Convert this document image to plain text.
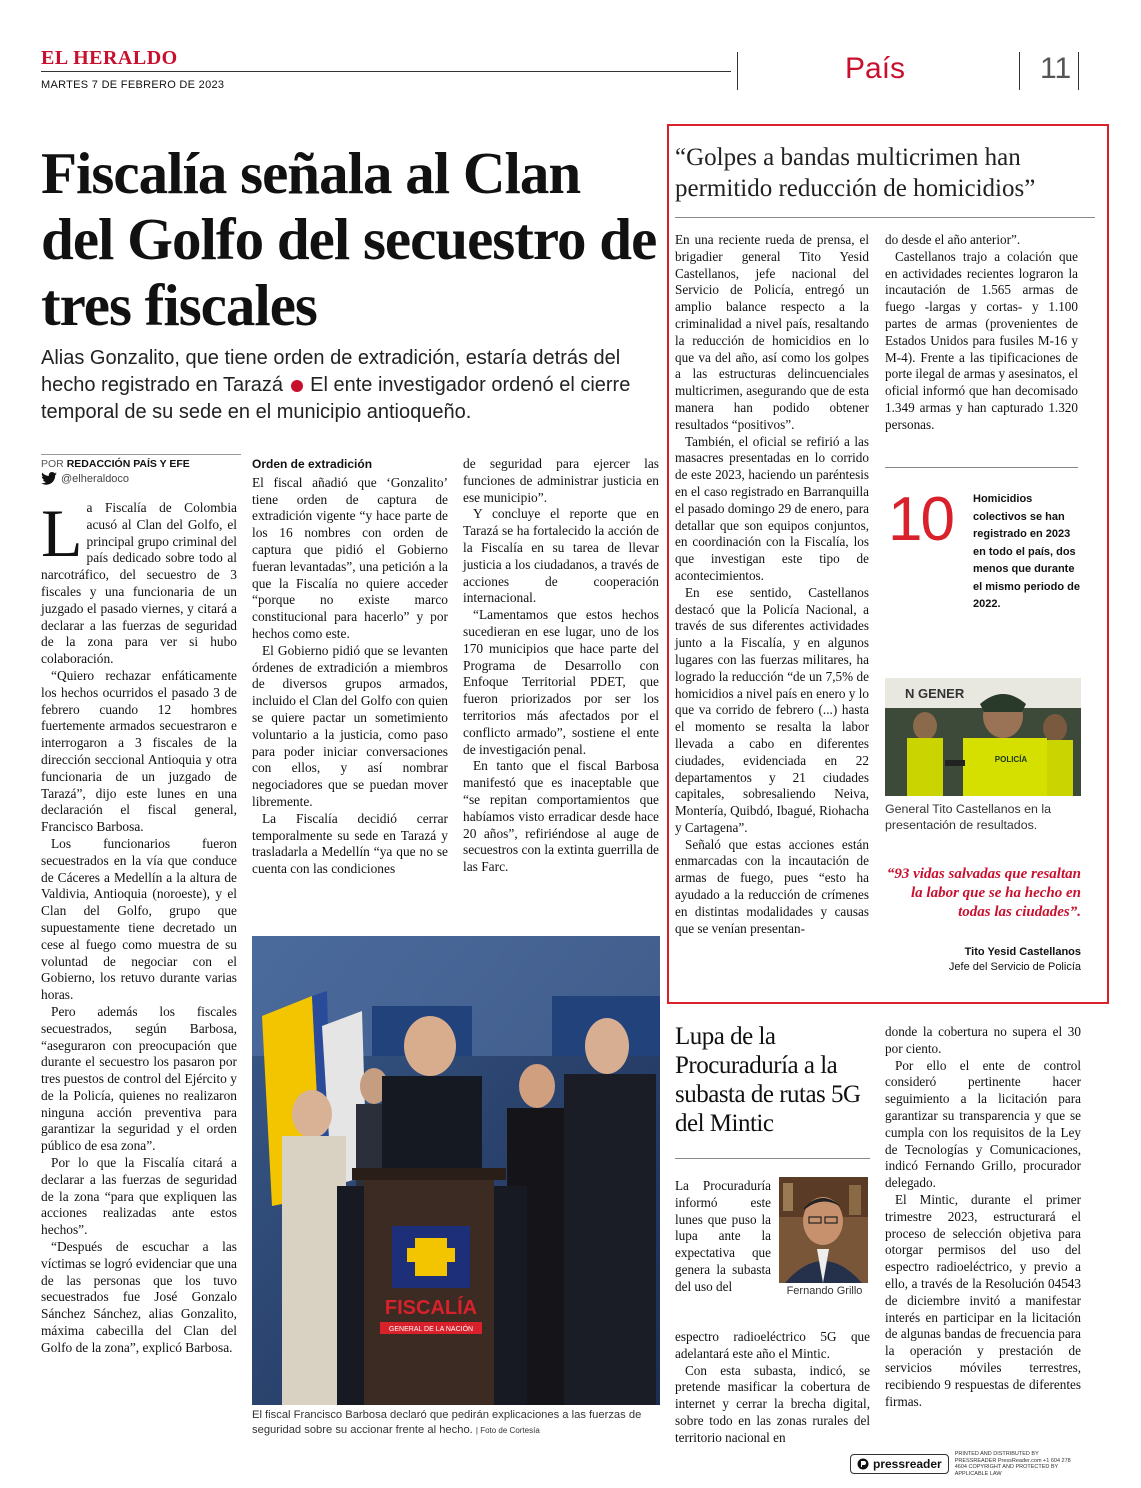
EL HERALDO
MARTES 7 DE FEBRERO DE 2023	País	11
Fiscalía señala al Clan del Golfo del secuestro de tres fiscales
Alias Gonzalito, que tiene orden de extradición, estaría detrás del hecho registrado en Tarazá El ente investigador ordenó el cierre temporal de su sede en el municipio antioqueño.
POR REDACCIÓN PAÍS Y EFE
@elheraldoco
L a Fiscalía de Colombia acusó al Clan del Golfo, el principal grupo criminal del país dedicado sobre todo al narcotráfico, del secuestro de 3 fiscales y una funcionaria de un juzgado el pasado viernes, y citará a declarar a las fuerzas de seguridad de la zona para ver si hubo colaboración.

“Quiero rechazar enfáticamente los hechos ocurridos el pasado 3 de febrero cuando 12 hombres fuertemente armados secuestraron e interrogaron a 3 fiscales de la dirección seccional Antioquia y otra funcionaria de un juzgado de Tarazá”, dijo este lunes en una declaración el fiscal general, Francisco Barbosa.

Los funcionarios fueron secuestrados en la vía que conduce de Cáceres a Medellín a la altura de Valdivia, Antioquia (noroeste), y el Clan del Golfo, grupo que supuestamente tiene decretado un cese al fuego como muestra de su voluntad de negociar con el Gobierno, los retuvo durante varias horas.

Pero además los fiscales secuestrados, según Barbosa, “aseguraron con preocupación que durante el secuestro los pasaron por tres puestos de control del Ejército y de la Policía, quienes no realizaron ninguna acción preventiva para garantizar la seguridad y el orden público de esa zona”.

Por lo que la Fiscalía citará a declarar a las fuerzas de seguridad de la zona “para que expliquen las acciones realizadas ante estos hechos”.

“Después de escuchar a las víctimas se logró evidenciar que una de las personas que los tuvo secuestrados fue José Gonzalo Sánchez Sánchez, alias Gonzalito, máxima cabecilla del Clan del Golfo de la zona”, explicó Barbosa.

Orden de extradición

El fiscal añadió que ‘Gonzalito’ tiene orden de captura de extradición vigente “y hace parte de los 16 nombres con orden de captura que pidió el Gobierno fueran levantadas”, una petición a la que la Fiscalía no quiere acceder “porque no existe marco constitucional para hacerlo” y por hechos como este.

El Gobierno pidió que se levanten órdenes de extradición a miembros de diversos grupos armados, incluido el Clan del Golfo con quien se quiere pactar un sometimiento voluntario a la justicia, como paso para poder iniciar conversaciones con ellos, y así nombrar negociadores que se puedan mover libremente.

La Fiscalía decidió cerrar temporalmente su sede en Tarazá y trasladarla a Medellín “ya que no se cuenta con las condiciones

de seguridad para ejercer las funciones de administrar justicia en ese municipio”.

Y concluye el reporte que en Tarazá se ha fortalecido la acción de la Fiscalía en su tarea de llevar justicia a los ciudadanos, a través de acciones de cooperación internacional.

“Lamentamos que estos hechos sucedieran en ese lugar, uno de los 170 municipios que hace parte del Programa de Desarrollo con Enfoque Territorial PDET, que fueron priorizados por ser los territorios más afectados por el conflicto armado”, sostiene el ente de investigación penal.

En tanto que el fiscal Barbosa manifestó que es inaceptable que “se repitan comportamientos que habíamos visto erradicar desde hace 20 años”, refiriéndose al auge de secuestros con la extinta guerrilla de las Farc.

FISCALÍA
GENERAL DE LA NACIÓN
El fiscal Francisco Barbosa declaró que pedirán explicaciones a las fuerzas de seguridad sobre su accionar frente al hecho. | Foto de Cortesía
“Golpes a bandas multicrimen han permitido reducción de homicidios”

En una reciente rueda de prensa, el brigadier general Tito Yesid Castellanos, jefe nacional del Servicio de Policía, entregó un amplio balance respecto a la criminalidad a nivel país, resaltando la reducción de homicidios en lo que va del año, así como los golpes a las estructuras delincuenciales multicrimen, asegurando que de esta manera han podido obtener resultados “positivos”.

También, el oficial se refirió a las masacres presentadas en lo corrido de este 2023, haciendo un paréntesis en el caso registrado en Barranquilla el pasado domingo 29 de enero, para detallar que son equipos conjuntos, en coordinación con la Fiscalía, los que investigan este tipo de acontecimientos.

En ese sentido, Castellanos destacó que la Policía Nacional, a través de sus diferentes actividades junto a la Fiscalía, y en algunos lugares con las fuerzas militares, ha logrado la reducción “de un 7,5% de homicidios a nivel país en enero y lo que va corrido de febrero (...) hasta el momento se resalta la labor llevada a cabo en diferentes ciudades, evidenciada en 22 departamentos y 21 ciudades capitales, sobresaliendo Neiva, Montería, Quibdó, Ibagué, Riohacha y Cartagena”.

Señaló que estas acciones están enmarcadas con la incautación de armas de fuego, pues “esto ha ayudado a la reducción de crímenes en distintas modalidades y causas que se venían presentan-

do desde el año anterior”.

Castellanos trajo a colación que en actividades recientes lograron la incautación de 1.565 armas de fuego -largas y cortas- y 1.100 partes de armas (provenientes de Estados Unidos para fusiles M-16 y M-4). Frente a las tipificaciones de porte ilegal de armas y asesinatos, el oficial informó que han decomisado 1.349 armas y han capturado 1.320 personas.

10 Homicidios colectivos se han registrado en 2023 en todo el país, dos menos que durante el mismo periodo de 2022.
N GENER
POLICÍA
General Tito Castellanos en la presentación de resultados.
“93 vidas salvadas que resaltan la labor que se ha hecho en todas las ciudades”.
Tito Yesid Castellanos
Jefe del Servicio de Policía
Lupa de la Procuraduría a la subasta de rutas 5G del Mintic

La Procuraduría informó este lunes que puso la lupa ante la expectativa que genera la subasta del uso del	Fernando Grillo

espectro radioeléctrico 5G que adelantará este año el Mintic.

Con esta subasta, indicó, se pretende masificar la cobertura de internet y cerrar la brecha digital, sobre todo en las zonas rurales del territorio nacional en

donde la cobertura no supera el 30 por ciento.

Por ello el ente de control consideró pertinente hacer seguimiento a la licitación para garantizar su transparencia y que se cumpla con los requisitos de la Ley de Tecnologías y Comunicaciones, indicó Fernando Grillo, procurador delegado.

El Mintic, durante el primer trimestre 2023, estructurará el proceso de selección objetiva para otorgar permisos del uso del espectro radioeléctrico, y previo a ello, a través de la Resolución 04543 de diciembre invitó a manifestar interés en participar en la licitación de algunas bandas de frecuencia para la operación y prestación de servicios móviles terrestres, recibiendo 9 respuestas de diferentes firmas.

pressreader
PRINTED AND DISTRIBUTED BY PRESSREADER PressReader.com +1 604 278 4604 COPYRIGHT AND PROTECTED BY APPLICABLE LAW
